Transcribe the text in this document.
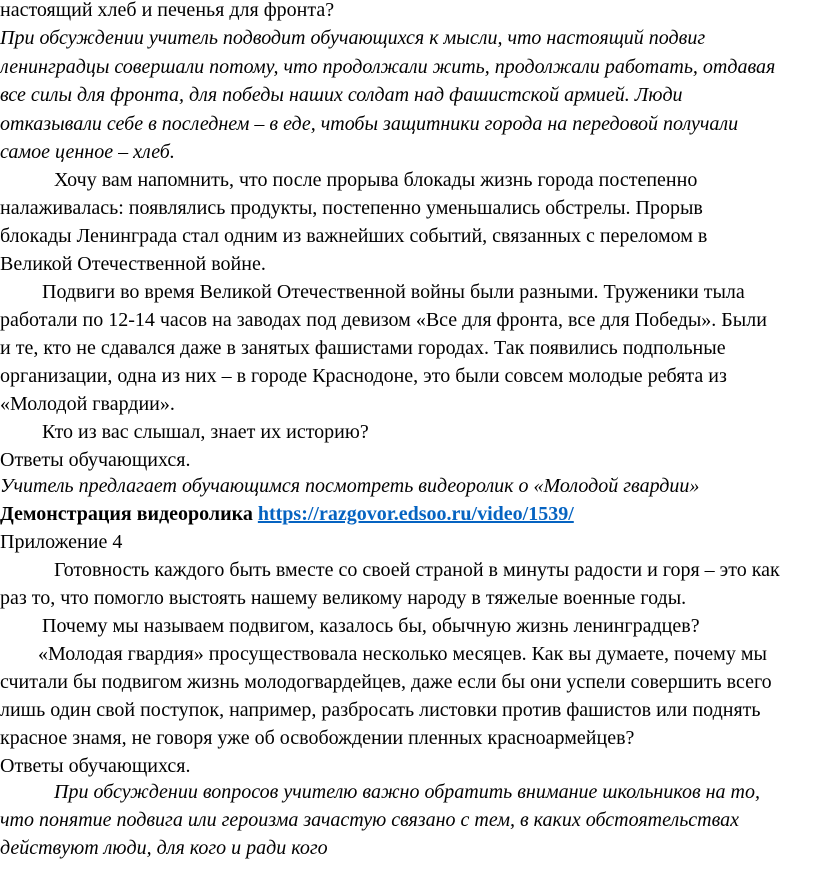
настоящий хлеб и печенья для фронта?
При обсуждении учитель подводит обучающихся к мысли, что настоящий подвиг
ленинградцы совершали потому, что продолжали жить, продолжали работать, отдавая
все силы для фронта, для победы наших солдат над фашистской армией. Люди
отказывали себе в последнем – в еде, чтобы защитники города на передовой получали
самое ценное – хлеб.
Хочу вам напомнить, что после прорыва блокады жизнь города постепенно
налаживалась: появлялись продукты, постепенно уменьшались обстрелы. Прорыв
блокады Ленинграда стал одним из важнейших событий, связанных с переломом в
Великой Отечественной войне.
Подвиги во время Великой Отечественной войны были разными. Труженики тыла
работали по 12-14 часов на заводах под девизом «Все для фронта, все для Победы». Были
и те, кто не сдавался даже в занятых фашистами городах. Так появились подпольные
организации, одна из них – в городе Краснодоне, это были совсем молодые ребята из
«Молодой гвардии».
Кто из вас слышал, знает их историю?
Ответы обучающихся.
Учитель предлагает обучающимся посмотреть видеоролик о «Молодой гвардии»
Демонстрация видеоролика https://razgovor.edsoo.ru/video/1539/
Приложение 4
Готовность каждого быть вместе со своей страной в минуты радости и горя – это как
раз то, что помогло выстоять нашему великому народу в тяжелые военные годы.
Почему мы называем подвигом, казалось бы, обычную жизнь ленинградцев?
«Молодая гвардия» просуществовала несколько месяцев. Как вы думаете, почему мы
считали бы подвигом жизнь молодогвардейцев, даже если бы они успели совершить всего
лишь один свой поступок, например, разбросать листовки против фашистов или поднять
красное знамя, не говоря уже об освобождении пленных красноармейцев?
Ответы обучающихся.
При обсуждении вопросов учителю важно обратить внимание школьников на то,
что понятие подвига или героизма зачастую связано с тем, в каких обстоятельствах
действуют люди, для кого и ради кого
